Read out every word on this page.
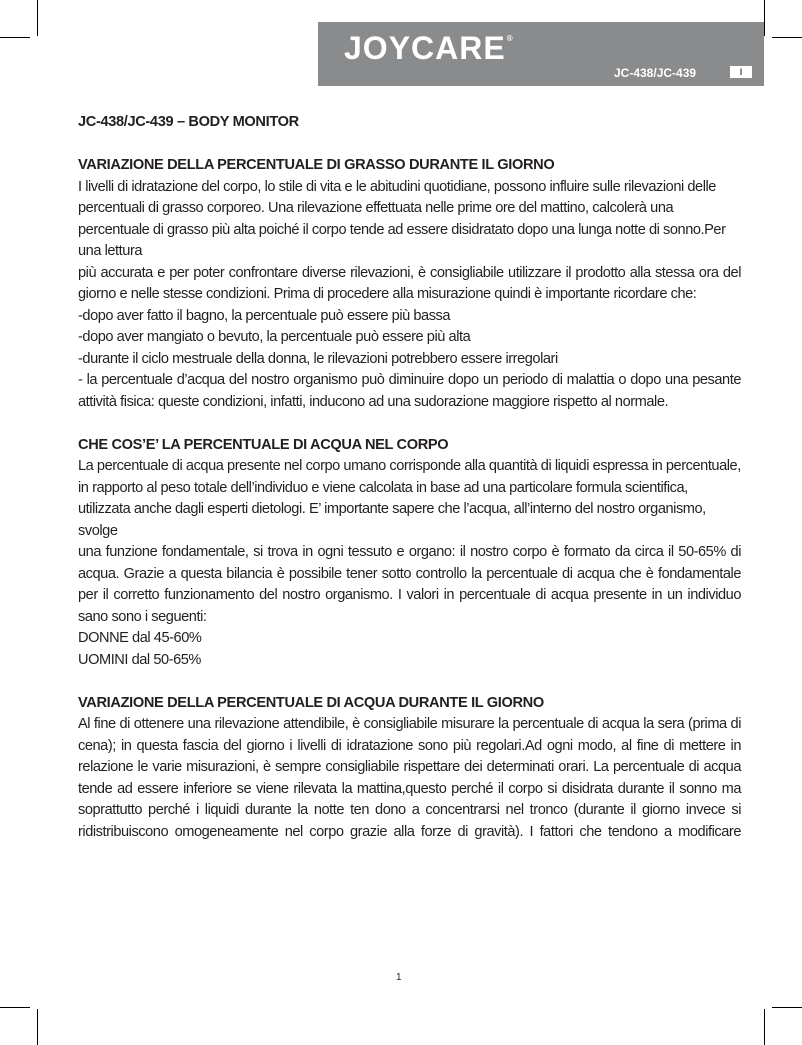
JOYCARE®
JC-438/JC-439	I
JC-438/JC-439 – BODY MONITOR
VARIAZIONE DELLA PERCENTUALE DI GRASSO DURANTE IL GIORNO

I livelli di idratazione del corpo, lo stile di vita e le abitudini quotidiane, possono influire sulle rilevazioni delle percentuali di grasso corporeo. Una rilevazione effettuata nelle prime ore del mattino, calcolerà una percentuale di grasso più alta poiché il corpo tende ad essere disidratato dopo una lunga notte di sonno.Per una lettura

più accurata e per poter confrontare diverse rilevazioni, è consigliabile utilizzare il prodotto alla stessa ora del giorno e nelle stesse condizioni. Prima di procedere alla misurazione quindi è importante ricordare che:

-dopo aver fatto il bagno, la percentuale può essere più bassa

-dopo aver mangiato o bevuto, la percentuale può essere più alta

-durante il ciclo mestruale della donna, le rilevazioni potrebbero essere irregolari

- la percentuale d’acqua del nostro organismo può diminuire dopo un periodo di malattia o dopo una pesante attività fisica: queste condizioni, infatti, inducono ad una sudorazione maggiore rispetto al normale.

CHE COS’E’ LA PERCENTUALE DI ACQUA NEL CORPO

La percentuale di acqua presente nel corpo umano corrisponde alla quantità di liquidi espressa in percentuale, in rapporto al peso totale dell’individuo e viene calcolata in base ad una particolare formula scientifica, utilizzata anche dagli esperti dietologi. E’ importante sapere che l’acqua, all’interno del nostro organismo, svolge

una funzione fondamentale, si trova in ogni tessuto e organo: il nostro corpo è formato da circa il 50-65% di acqua. Grazie a questa bilancia è possibile tener sotto controllo la percentuale di acqua che è fondamentale per il corretto funzionamento del nostro organismo. I valori in percentuale di acqua presente in un individuo sano sono i seguenti:

DONNE dal 45-60%

UOMINI dal 50-65%

VARIAZIONE DELLA PERCENTUALE DI ACQUA DURANTE IL GIORNO

Al fine di ottenere una rilevazione attendibile, è consigliabile misurare la percentuale di acqua la sera (prima di cena); in questa fascia del giorno i livelli di idratazione sono più regolari.Ad ogni modo, al fine di mettere in relazione le varie misurazioni, è sempre consigliabile rispettare dei determinati orari. La percentuale di acqua tende ad essere inferiore se viene rilevata la mattina,questo perché il corpo si disidrata durante il sonno ma soprattutto perché i liquidi durante la notte ten dono a concentrarsi nel tronco (durante il giorno invece si ridistribuiscono omogeneamente nel corpo grazie alla forze di gravità). I fattori che tendono a modificare

1
